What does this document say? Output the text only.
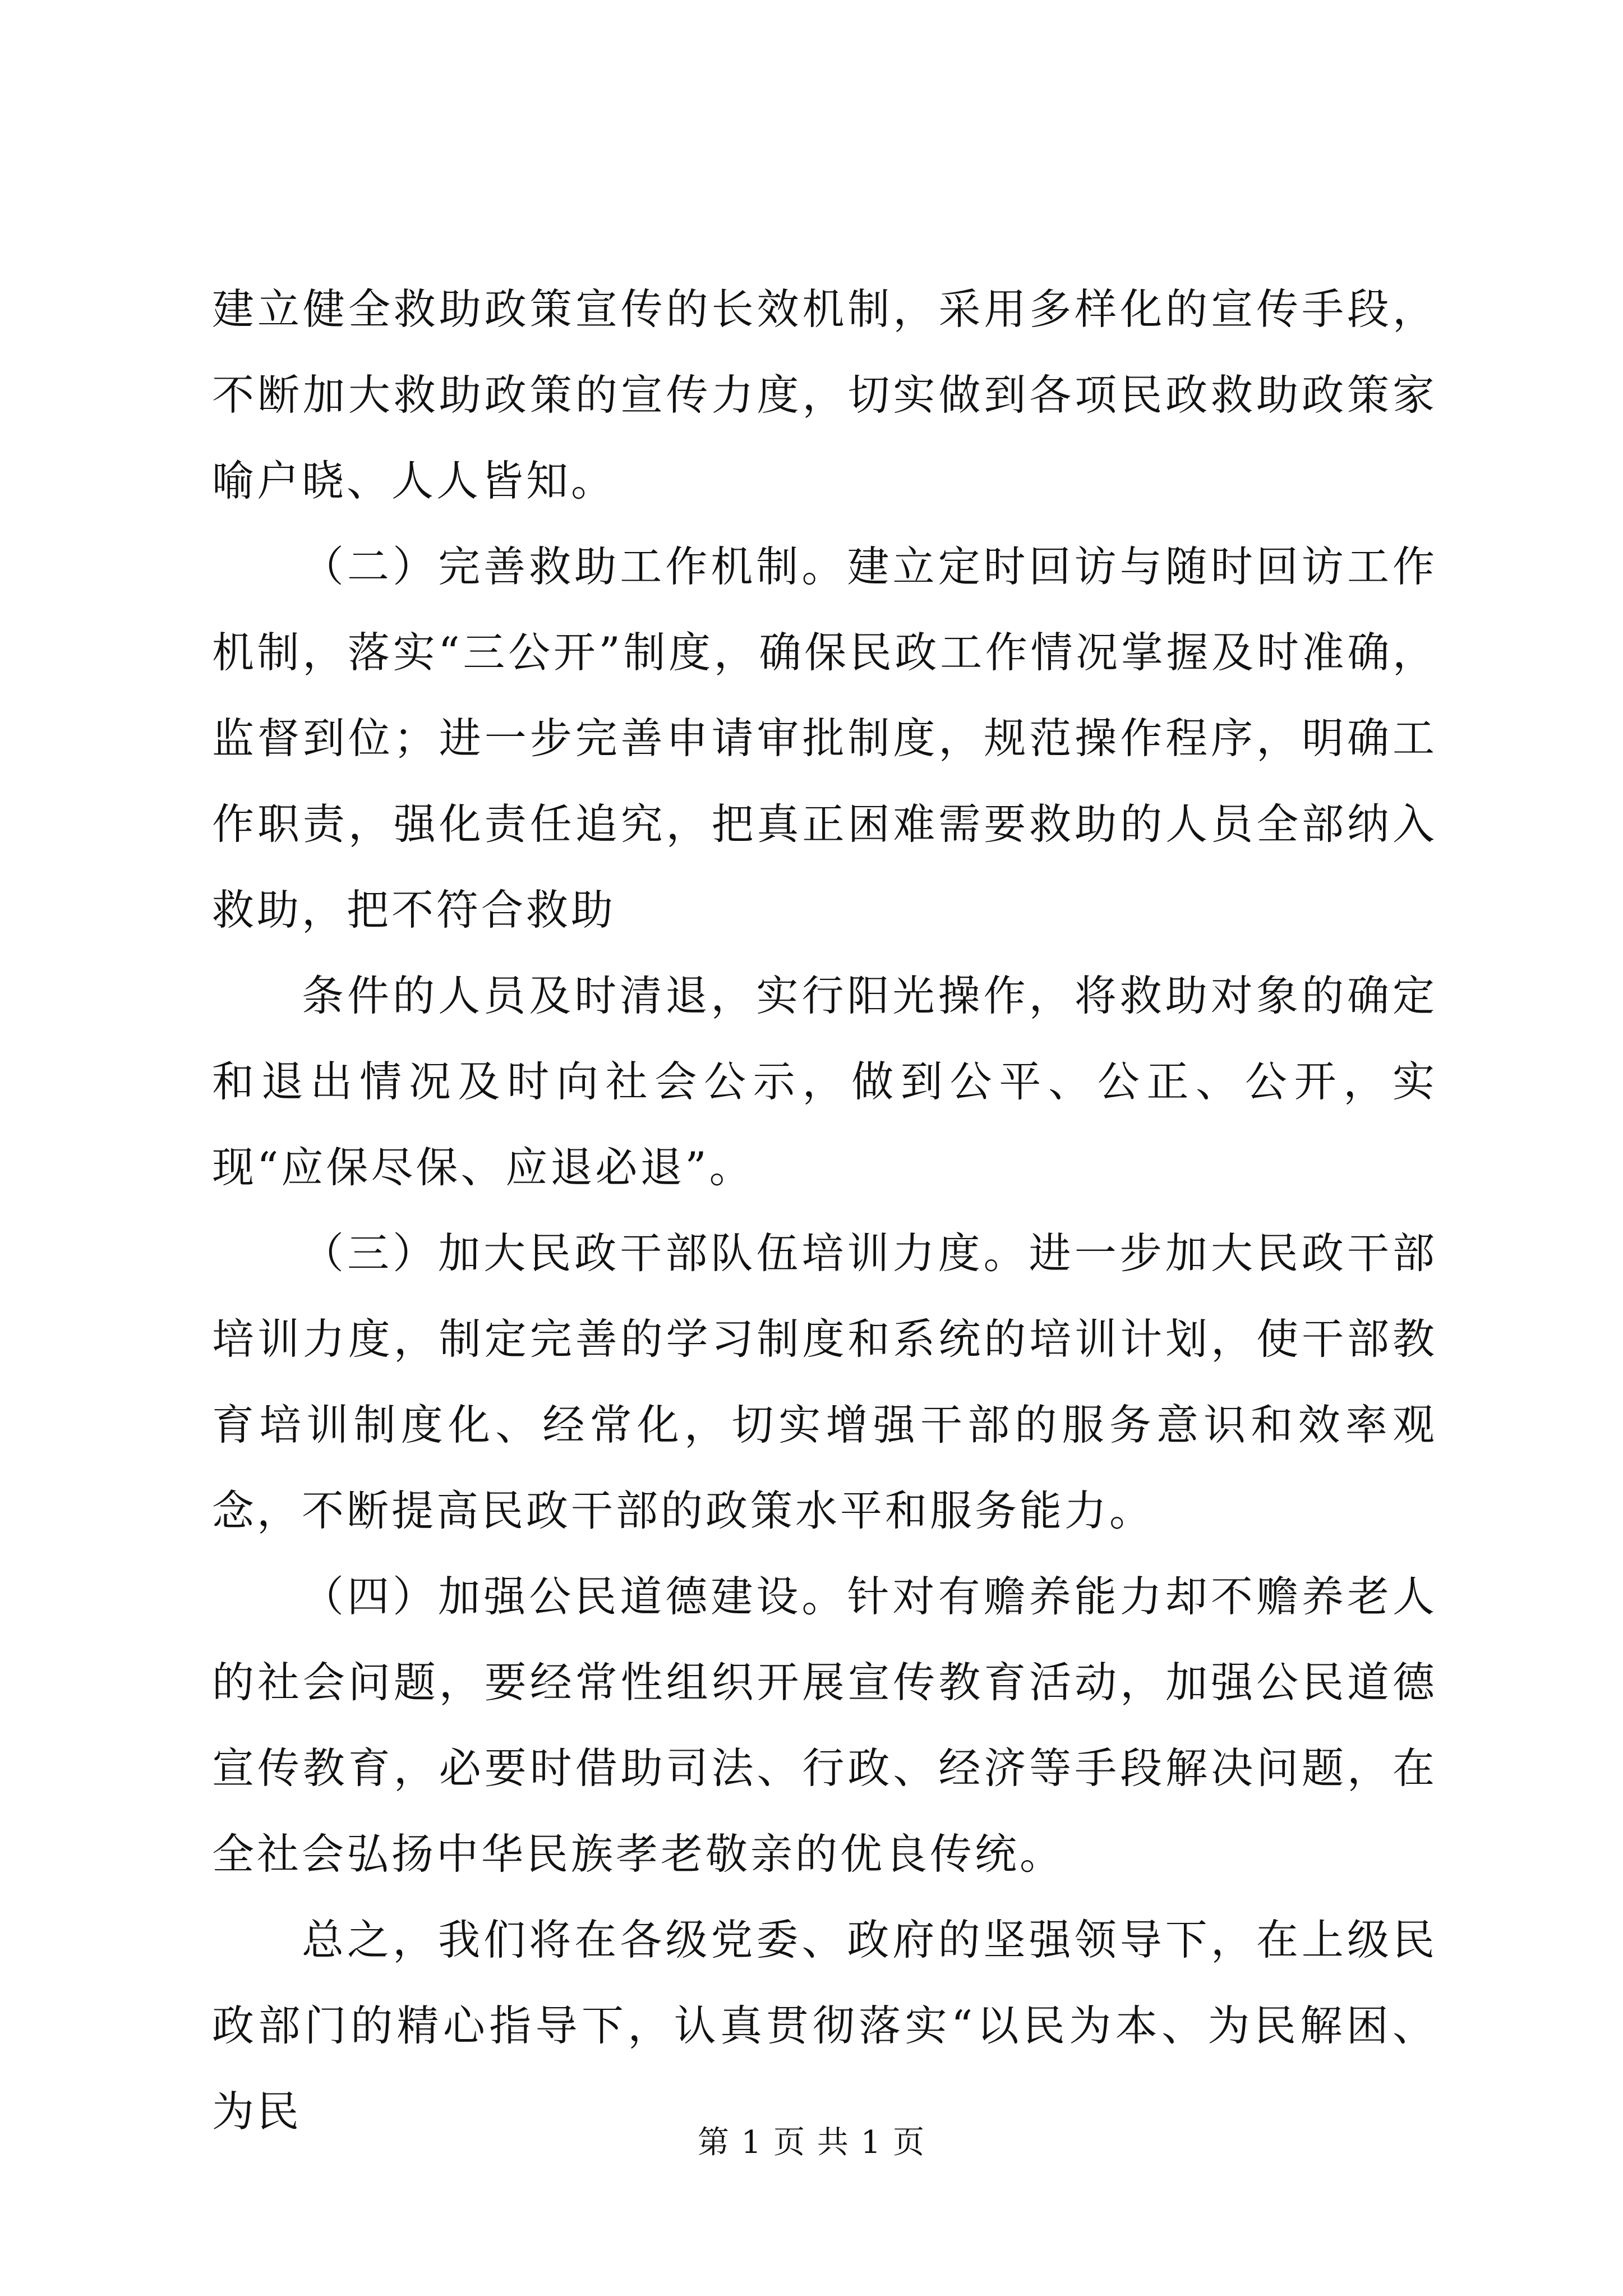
建立健全救助政策宣传的长效机制，采用多样化的宣传手段，不断加大救助政策的宣传力度，切实做到各项民政救助政策家喻户晓、人人皆知。

（二）完善救助工作机制。建立定时回访与随时回访工作机制，落实“三公开”制度，确保民政工作情况掌握及时准确，监督到位；进一步完善申请审批制度，规范操作程序，明确工作职责，强化责任追究，把真正困难需要救助的人员全部纳入救助，把不符合救助

条件的人员及时清退，实行阳光操作，将救助对象的确定和退出情况及时向社会公示，做到公平、公正、公开，实现“应保尽保、应退必退”。

（三）加大民政干部队伍培训力度。进一步加大民政干部培训力度，制定完善的学习制度和系统的培训计划，使干部教育培训制度化、经常化，切实增强干部的服务意识和效率观念，不断提高民政干部的政策水平和服务能力。

（四）加强公民道德建设。针对有赡养能力却不赡养老人的社会问题，要经常性组织开展宣传教育活动，加强公民道德宣传教育，必要时借助司法、行政、经济等手段解决问题，在全社会弘扬中华民族孝老敬亲的优良传统。

总之，我们将在各级党委、政府的坚强领导下，在上级民政部门的精心指导下，认真贯彻落实“以民为本、为民解困、为民

第 1 页 共 1 页
